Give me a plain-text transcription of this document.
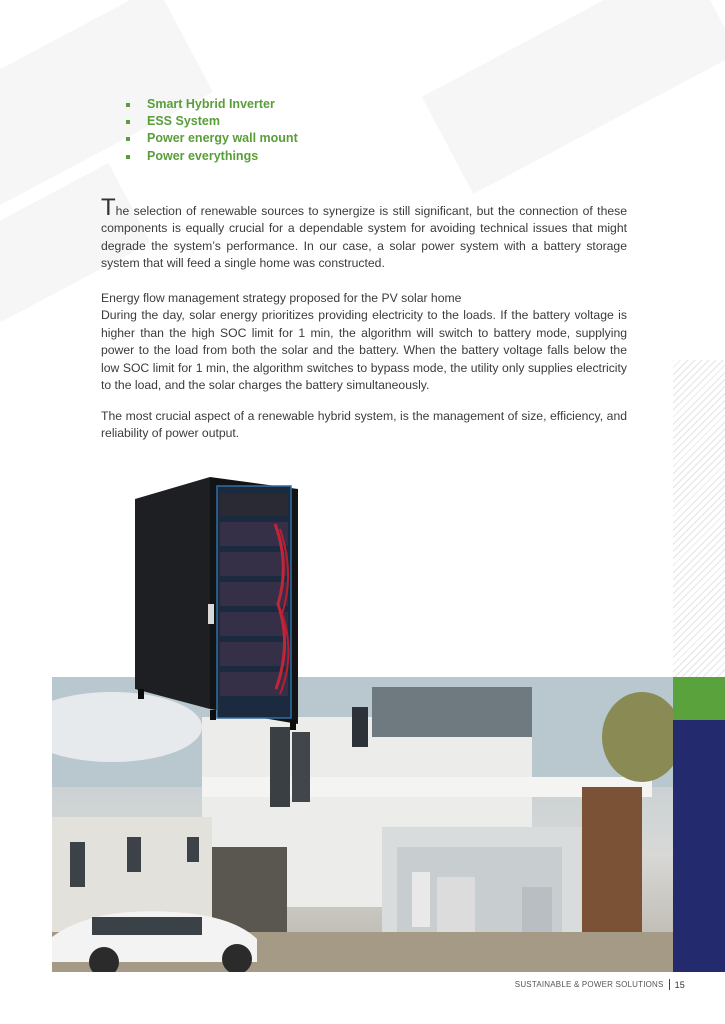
Smart Hybrid Inverter
ESS System
Power energy wall mount
Power everythings

The selection of renewable sources to synergize is still significant, but the connection of these components is equally crucial for a dependable system for avoiding technical issues that might degrade the system’s performance. In our case, a solar power system with a battery storage system that will feed a single home was constructed.

Energy flow management strategy proposed for the PV solar home
During the day, solar energy prioritizes providing electricity to the loads. If the battery voltage is higher than the high SOC limit for 1 min, the algorithm will switch to battery mode, supplying power to the load from both the solar and the battery. When the battery voltage falls below the low SOC limit for 1 min, the algorithm switches to bypass mode, the utility only supplies electricity to the load, and the solar charges the battery simultaneously.

The most crucial aspect of a renewable hybrid system, is the management of size, efficiency, and reliability of power output.

SUSTAINABLE & POWER SOLUTIONS 15
